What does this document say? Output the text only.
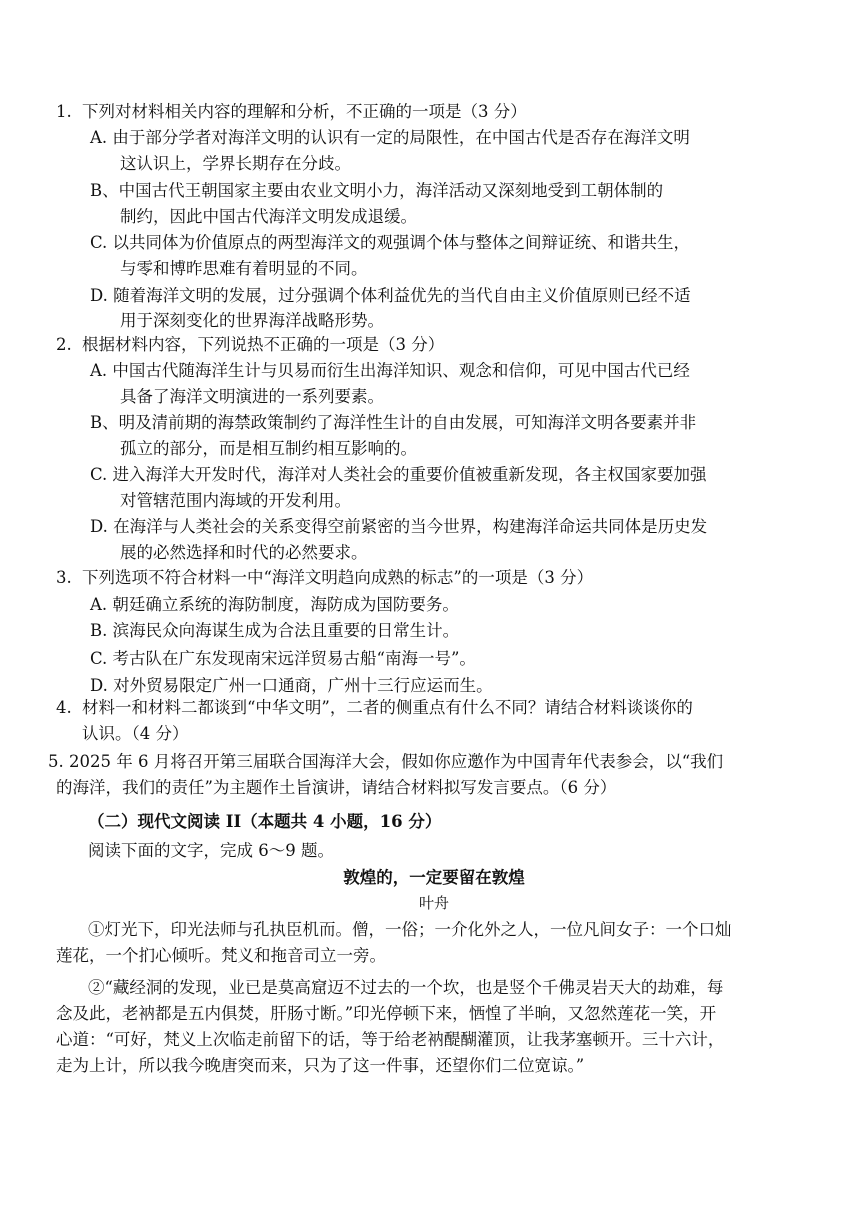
1. 下列对材料相关内容的理解和分析，不正确的一项是（3 分）
A. 由于部分学者对海洋文明的认识有一定的局限性，在中国古代是否存在海洋文明
这认识上，学界长期存在分歧。
B、中国古代王朝国家主要由农业文明小力，海洋活动又深刻地受到工朝体制的
制约，因此中国古代海洋文明发成退缓。
C. 以共同体为价值原点的两型海洋文的观强调个体与整体之间辩证统、和谐共生，
与零和博昨思难有着明显的不同。
D. 随着海洋文明的发展，过分强调个体利益优先的当代自由主义价值原则已经不适
用于深刻变化的世界海洋战略形势。
2. 根据材料内容，下列说热不正确的一项是（3 分）
A. 中国古代随海洋生计与贝易而衍生出海洋知识、观念和信仰，可见中国古代已经
具备了海洋文明演进的一系列要素。
B、明及清前期的海禁政策制约了海洋性生计的自由发展，可知海洋文明各要素并非
孤立的部分，而是相互制约相互影响的。
C. 进入海洋大开发时代，海洋对人类社会的重要价值被重新发现，各主权国家要加强
对管辖范围内海域的开发利用。
D. 在海洋与人类社会的关系变得空前紧密的当今世界，构建海洋命运共同体是历史发
展的必然选择和时代的必然要求。
3. 下列选项不符合材料一中“海洋文明趋向成熟的标志”的一项是（3 分）
A. 朝廷确立系统的海防制度，海防成为国防要务。
B. 滨海民众向海谋生成为合法且重要的日常生计。
C. 考古队在广东发现南宋远洋贸易古船“南海一号”。
D. 对外贸易限定广州一口通商，广州十三行应运而生。
4. 材料一和材料二都谈到“中华文明”，二者的侧重点有什么不同？请结合材料谈谈你的
认识。（4 分）
5. 2025 年 6 月将召开第三届联合国海洋大会，假如你应邀作为中国青年代表参会，以“我们
的海洋，我们的责任”为主题作土旨演讲，请结合材料拟写发言要点。（6 分）
（二）现代文阅读 II（本题共 4 小题，16 分）
阅读下面的文字，完成 6～9 题。
敦煌的，一定要留在敦煌
叶舟
①灯光下，印光法师与孔执臣机而。僧，一俗；一介化外之人，一位凡间女子：一个口灿
莲花，一个扪心倾听。梵义和拖音司立一旁。
②“藏经洞的发现，业已是莫高窟迈不过去的一个坎，也是竖个千佛灵岩天大的劫难，每
念及此，老衲都是五内俱焚，肝肠寸断。”印光停顿下来，恓惶了半晌，又忽然莲花一笑，开
心道：“可好，梵义上次临走前留下的话，等于给老衲醍醐灌顶，让我茅塞顿开。三十六计，
走为上计，所以我今晚唐突而来，只为了这一件事，还望你们二位宽谅。”
